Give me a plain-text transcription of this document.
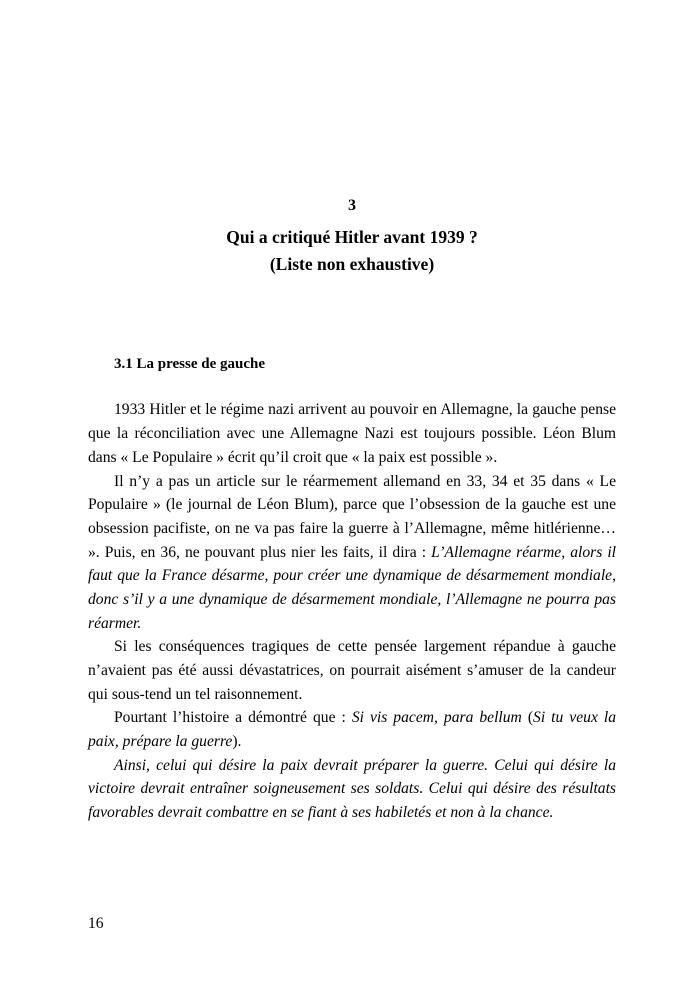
3
Qui a critiqué Hitler avant 1939 ?
(Liste non exhaustive)
3.1 La presse de gauche

1933 Hitler et le régime nazi arrivent au pouvoir en Allemagne, la gauche pense que la réconciliation avec une Allemagne Nazi est toujours possible. Léon Blum dans « Le Populaire » écrit qu’il croit que « la paix est possible ».

Il n’y a pas un article sur le réarmement allemand en 33, 34 et 35 dans « Le Populaire » (le journal de Léon Blum), parce que l’obsession de la gauche est une obsession pacifiste, on ne va pas faire la guerre à l’Allemagne, même hitlérienne… ». Puis, en 36, ne pouvant plus nier les faits, il dira : L’Allemagne réarme, alors il faut que la France désarme, pour créer une dynamique de désarmement mondiale, donc s’il y a une dynamique de désarmement mondiale, l’Allemagne ne pourra pas réarmer.

Si les conséquences tragiques de cette pensée largement répandue à gauche n’avaient pas été aussi dévastatrices, on pourrait aisément s’amuser de la candeur qui sous-tend un tel raisonnement.

Pourtant l’histoire a démontré que : Si vis pacem, para bellum (Si tu veux la paix, prépare la guerre).

Ainsi, celui qui désire la paix devrait préparer la guerre. Celui qui désire la victoire devrait entraîner soigneusement ses soldats. Celui qui désire des résultats favorables devrait combattre en se fiant à ses habiletés et non à la chance.

16
